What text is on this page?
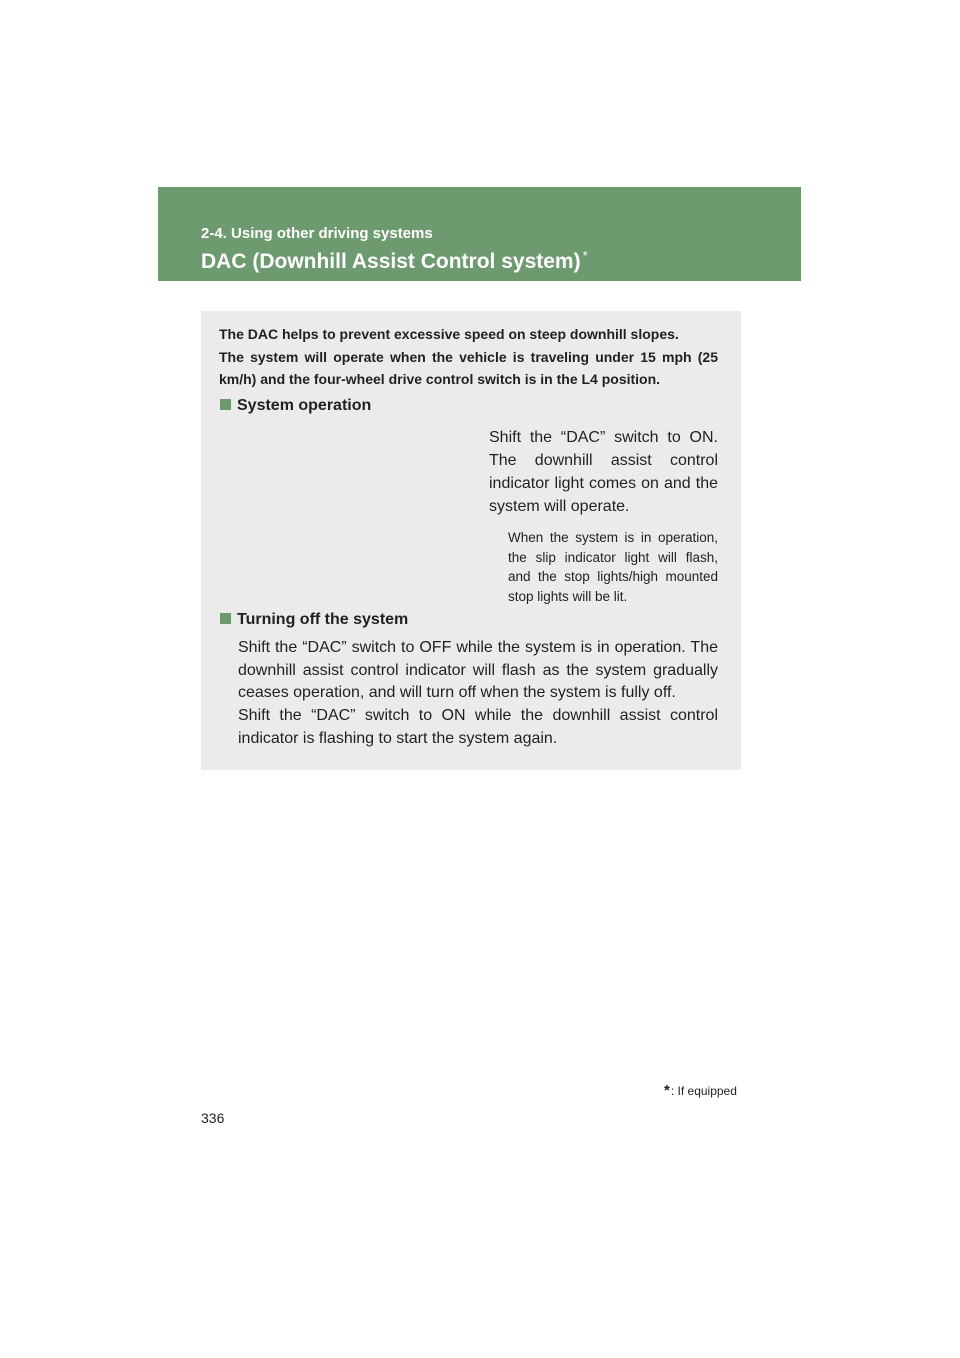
2-4. Using other driving systems
DAC (Downhill Assist Control system) *

The DAC helps to prevent excessive speed on steep downhill slopes.

The system will operate when the vehicle is traveling under 15 mph (25 km/h) and the four-wheel drive control switch is in the L4 position.

System operation

Shift the “DAC” switch to ON. The downhill assist control indicator light comes on and the system will operate.

When the system is in operation, the slip indicator light will flash, and the stop lights/high mounted stop lights will be lit.
Turning off the system

Shift the “DAC” switch to OFF while the system is in operation. The downhill assist control indicator will flash as the system gradually ceases operation, and will turn off when the system is fully off.

Shift the “DAC” switch to ON while the downhill assist control indicator is flashing to start the system again.

*: If equipped
336
